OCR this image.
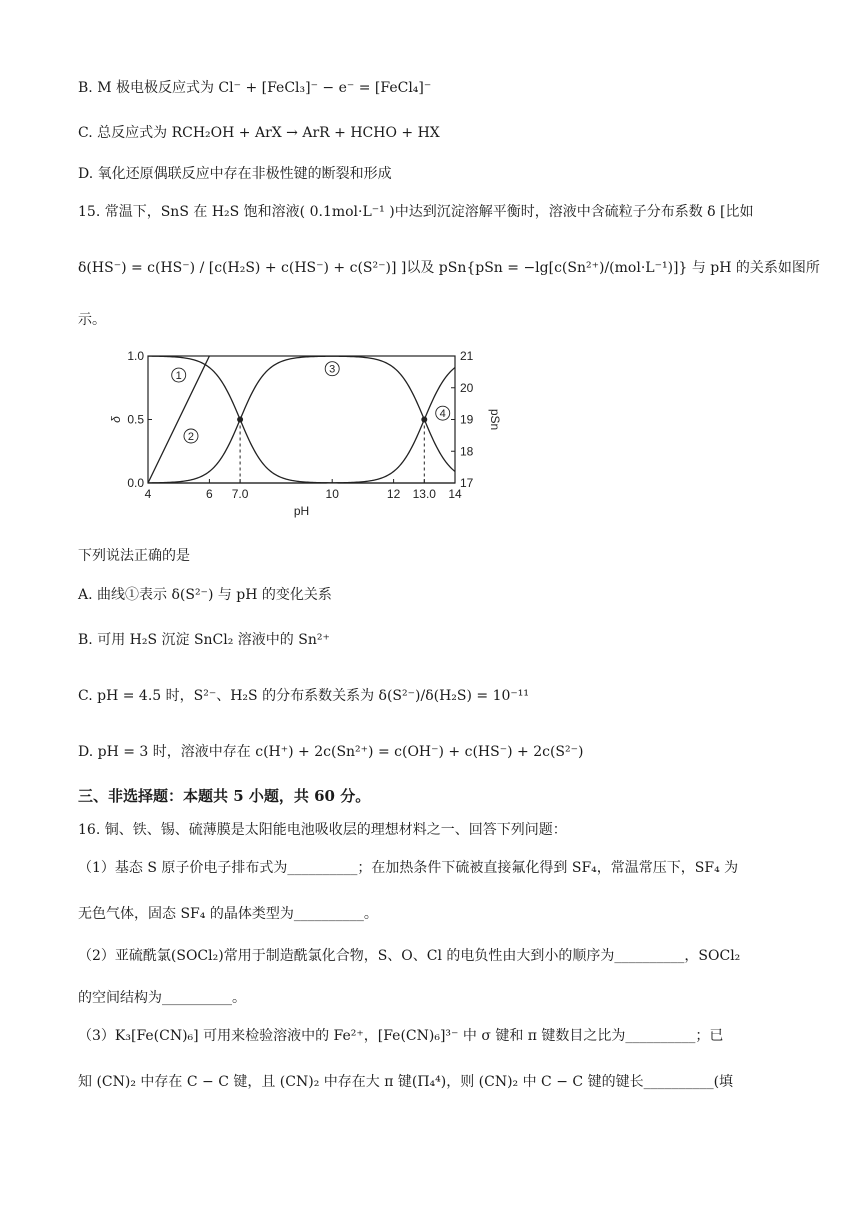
B. M 极电极反应式为 Cl⁻ + [FeCl₃]⁻ − e⁻ = [FeCl₄]⁻
C. 总反应式为 RCH₂OH + ArX → ArR + HCHO + HX
D. 氧化还原偶联反应中存在非极性键的断裂和形成
15. 常温下，SnS 在 H₂S 饱和溶液( 0.1mol·L⁻¹ )中达到沉淀溶解平衡时，溶液中含硫粒子分布系数 δ [比如
δ(HS⁻) = c(HS⁻) / [c(H₂S) + c(HS⁻) + c(S²⁻)] ]以及 pSn{pSn = −lg[c(Sn²⁺)/(mol·L⁻¹)]} 与 pH 的关系如图所
示。
4	6 7.0	10	12 13.0 14
pH
0.0
0.5
1.0
δ
17
18
19
20
21
pSn
1
2
3
4
下列说法正确的是
A. 曲线①表示 δ(S²⁻) 与 pH 的变化关系
B. 可用 H₂S 沉淀 SnCl₂ 溶液中的 Sn²⁺
C. pH = 4.5 时，S²⁻、H₂S 的分布系数关系为 δ(S²⁻)/δ(H₂S) = 10⁻¹¹
D. pH = 3 时，溶液中存在 c(H⁺) + 2c(Sn²⁺) = c(OH⁻) + c(HS⁻) + 2c(S²⁻)
三、非选择题：本题共 5 小题，共 60 分。
16. 铜、铁、锡、硫薄膜是太阳能电池吸收层的理想材料之一、回答下列问题：
（1）基态 S 原子价电子排布式为__________；在加热条件下硫被直接氟化得到 SF₄，常温常压下，SF₄ 为
无色气体，固态 SF₄ 的晶体类型为__________。
（2）亚硫酰氯(SOCl₂)常用于制造酰氯化合物，S、O、Cl 的电负性由大到小的顺序为__________，SOCl₂
的空间结构为__________。
（3）K₃[Fe(CN)₆] 可用来检验溶液中的 Fe²⁺，[Fe(CN)₆]³⁻ 中 σ 键和 π 键数目之比为__________；已
知 (CN)₂ 中存在 C − C 键，且 (CN)₂ 中存在大 π 键(Π₄⁴)，则 (CN)₂ 中 C − C 键的键长__________(填
